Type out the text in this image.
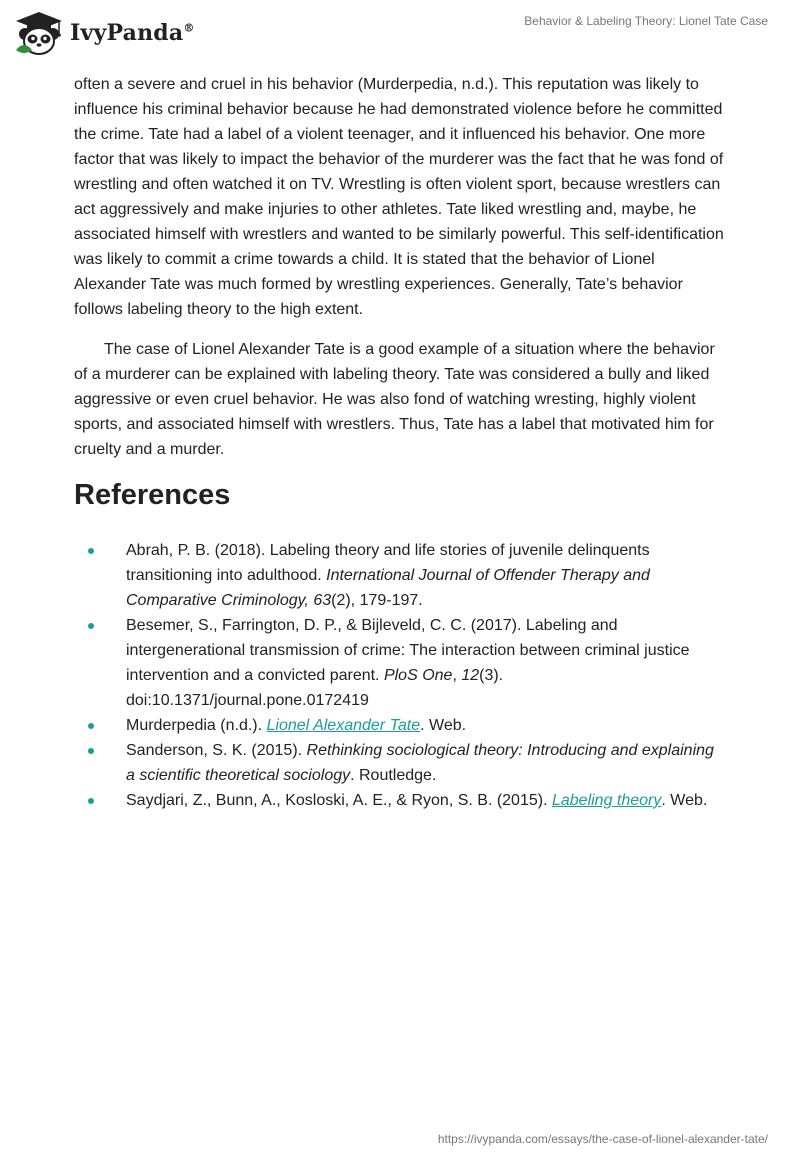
IvyPanda®
Behavior & Labeling Theory: Lionel Tate Case

often a severe and cruel in his behavior (Murderpedia, n.d.). This reputation was likely to influence his criminal behavior because he had demonstrated violence before he committed the crime. Tate had a label of a violent teenager, and it influenced his behavior. One more factor that was likely to impact the behavior of the murderer was the fact that he was fond of wrestling and often watched it on TV. Wrestling is often violent sport, because wrestlers can act aggressively and make injuries to other athletes. Tate liked wrestling and, maybe, he associated himself with wrestlers and wanted to be similarly powerful. This self-identification was likely to commit a crime towards a child. It is stated that the behavior of Lionel Alexander Tate was much formed by wrestling experiences. Generally, Tate’s behavior follows labeling theory to the high extent.

The case of Lionel Alexander Tate is a good example of a situation where the behavior of a murderer can be explained with labeling theory. Tate was considered a bully and liked aggressive or even cruel behavior. He was also fond of watching wresting, highly violent sports, and associated himself with wrestlers. Thus, Tate has a label that motivated him for cruelty and a murder.

References
Abrah, P. B. (2018). Labeling theory and life stories of juvenile delinquents transitioning into adulthood. International Journal of Offender Therapy and Comparative Criminology, 63(2), 179-197.
Besemer, S., Farrington, D. P., & Bijleveld, C. C. (2017). Labeling and intergenerational transmission of crime: The interaction between criminal justice intervention and a convicted parent. PloS One, 12(3). doi:10.1371/journal.pone.0172419
Murderpedia (n.d.). Lionel Alexander Tate. Web.
Sanderson, S. K. (2015). Rethinking sociological theory: Introducing and explaining a scientific theoretical sociology. Routledge.
Saydjari, Z., Bunn, A., Kosloski, A. E., & Ryon, S. B. (2015). Labeling theory. Web.
https://ivypanda.com/essays/the-case-of-lionel-alexander-tate/
